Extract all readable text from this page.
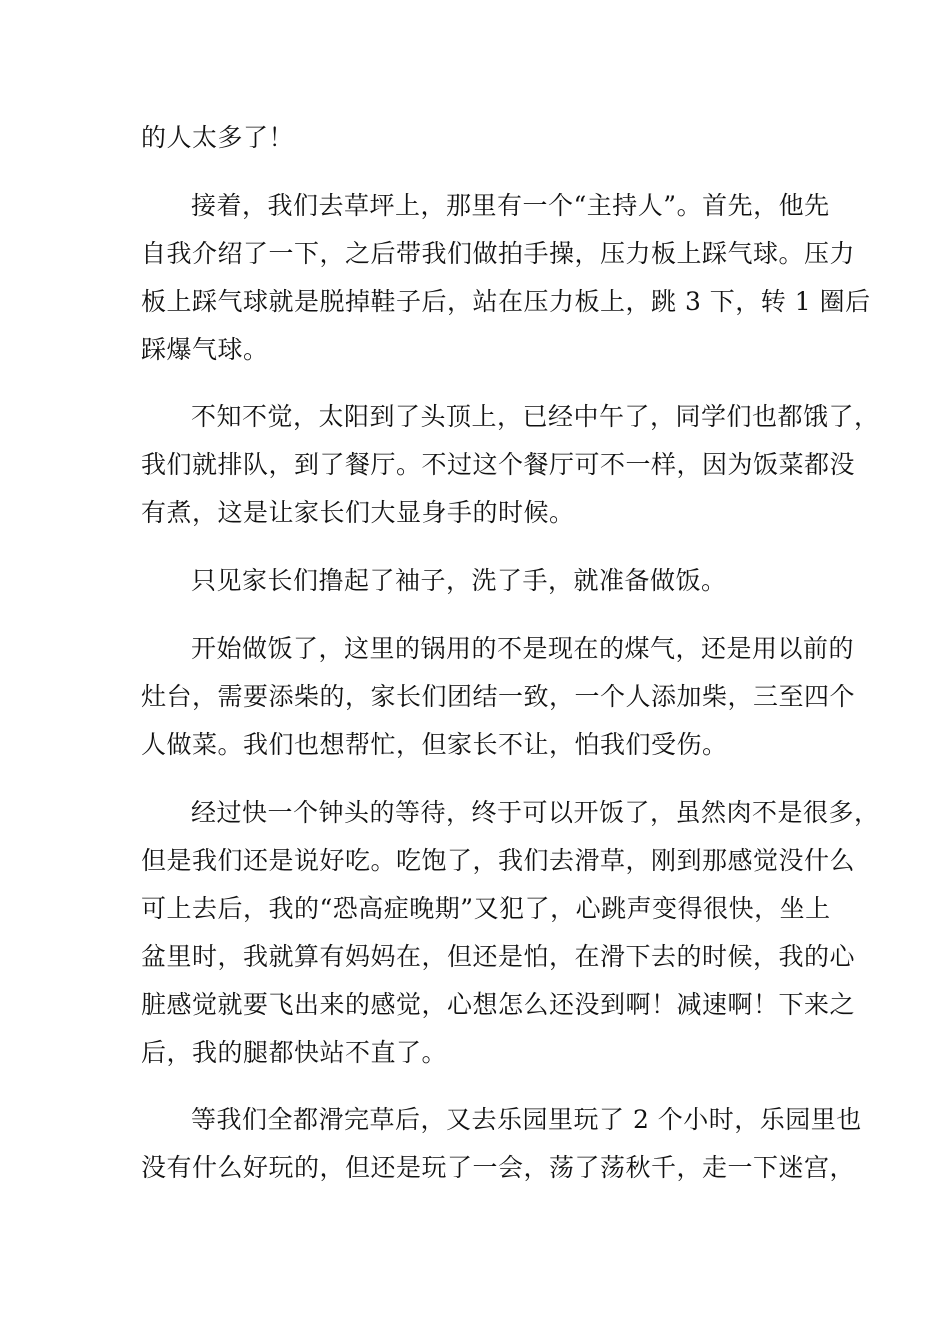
的人太多了！

接着，我们去草坪上，那里有一个“主持人”。首先，他先

自我介绍了一下，之后带我们做拍手操，压力板上踩气球。压力

板上踩气球就是脱掉鞋子后，站在压力板上，跳 3 下，转 1 圈后

踩爆气球。

不知不觉，太阳到了头顶上，已经中午了，同学们也都饿了，

我们就排队，到了餐厅。不过这个餐厅可不一样，因为饭菜都没

有煮，这是让家长们大显身手的时候。

只见家长们撸起了袖子，洗了手，就准备做饭。

开始做饭了，这里的锅用的不是现在的煤气，还是用以前的

灶台，需要添柴的，家长们团结一致，一个人添加柴，三至四个

人做菜。我们也想帮忙，但家长不让，怕我们受伤。

经过快一个钟头的等待，终于可以开饭了，虽然肉不是很多，

但是我们还是说好吃。吃饱了，我们去滑草，刚到那感觉没什么

可上去后，我的“恐高症晚期”又犯了，心跳声变得很快，坐上

盆里时，我就算有妈妈在，但还是怕，在滑下去的时候，我的心

脏感觉就要飞出来的感觉，心想怎么还没到啊！减速啊！下来之

后，我的腿都快站不直了。

等我们全都滑完草后，又去乐园里玩了 2 个小时，乐园里也

没有什么好玩的，但还是玩了一会，荡了荡秋千，走一下迷宫，
